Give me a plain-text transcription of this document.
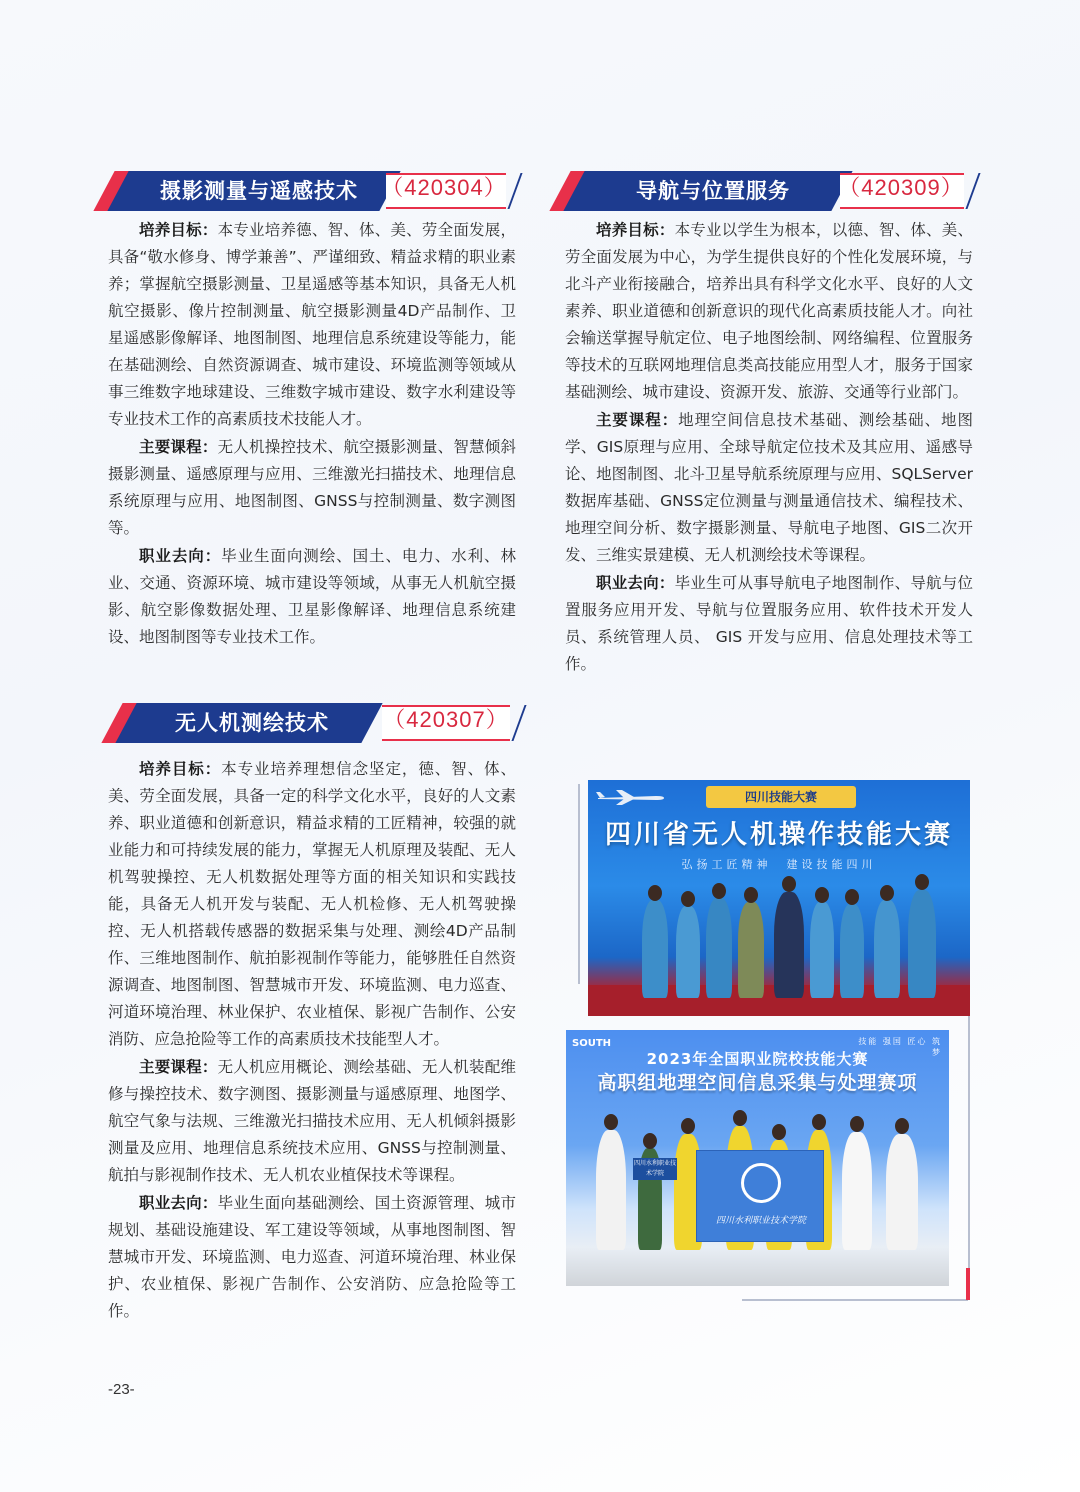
摄影测量与遥感技术	（420304）

培养目标：本专业培养德、智、体、美、劳全面发展，具备“敬水修身、博学兼善”、严谨细致、精益求精的职业素养；掌握航空摄影测量、卫星遥感等基本知识，具备无人机航空摄影、像片控制测量、航空摄影测量4D产品制作、卫星遥感影像解译、地图制图、地理信息系统建设等能力，能在基础测绘、自然资源调查、城市建设、环境监测等领域从事三维数字地球建设、三维数字城市建设、数字水利建设等专业技术工作的高素质技术技能人才。

主要课程：无人机操控技术、航空摄影测量、智慧倾斜摄影测量、遥感原理与应用、三维激光扫描技术、地理信息系统原理与应用、地图制图、GNSS与控制测量、数字测图等。

职业去向：毕业生面向测绘、国土、电力、水利、林业、交通、资源环境、城市建设等领域，从事无人机航空摄影、航空影像数据处理、卫星影像解译、地理信息系统建设、地图制图等专业技术工作。

无人机测绘技术	（420307）

培养目标：本专业培养理想信念坚定，德、智、体、美、劳全面发展，具备一定的科学文化水平，良好的人文素养、职业道德和创新意识，精益求精的工匠精神，较强的就业能力和可持续发展的能力，掌握无人机原理及装配、无人机驾驶操控、无人机数据处理等方面的相关知识和实践技能，具备无人机开发与装配、无人机检修、无人机驾驶操控、无人机搭载传感器的数据采集与处理、测绘4D产品制作、三维地图制作、航拍影视制作等能力，能够胜任自然资源调查、地图制图、智慧城市开发、环境监测、电力巡查、河道环境治理、林业保护、农业植保、影视广告制作、公安消防、应急抢险等工作的高素质技术技能型人才。

主要课程：无人机应用概论、测绘基础、无人机装配维修与操控技术、数字测图、摄影测量与遥感原理、地图学、航空气象与法规、三维激光扫描技术应用、无人机倾斜摄影测量及应用、地理信息系统技术应用、GNSS与控制测量、航拍与影视制作技术、无人机农业植保技术等课程。

职业去向：毕业生面向基础测绘、国土资源管理、城市规划、基础设施建设、军工建设等领域，从事地图制图、智慧城市开发、环境监测、电力巡查、河道环境治理、林业保护、农业植保、影视广告制作、公安消防、应急抢险等工作。

导航与位置服务	（420309）

培养目标：本专业以学生为根本，以德、智、体、美、劳全面发展为中心，为学生提供良好的个性化发展环境，与北斗产业衔接融合，培养出具有科学文化水平、良好的人文素养、职业道德和创新意识的现代化高素质技能人才。向社会输送掌握导航定位、电子地图绘制、网络编程、位置服务等技术的互联网地理信息类高技能应用型人才，服务于国家基础测绘、城市建设、资源开发、旅游、交通等行业部门。

主要课程：地理空间信息技术基础、测绘基础、地图学、GIS原理与应用、全球导航定位技术及其应用、遥感导论、地图制图、北斗卫星导航系统原理与应用、SQLServer数据库基础、GNSS定位测量与测量通信技术、编程技术、地理空间分析、数字摄影测量、导航电子地图、GIS二次开发、三维实景建模、无人机测绘技术等课程。

职业去向：毕业生可从事导航电子地图制作、导航与位置服务应用开发、导航与位置服务应用、软件技术开发人员、系统管理人员、 GIS 开发与应用、信息处理技术等工作。

四川技能大赛
四川省无人机操作技能大赛
弘扬工匠精神　建设技能四川
SOUTH	技能 强国 匠心 筑梦
2023年全国职业院校技能大赛
高职组地理空间信息采集与处理赛项
四川水利职业技术学院
四川水利职业技术学院
-23-
